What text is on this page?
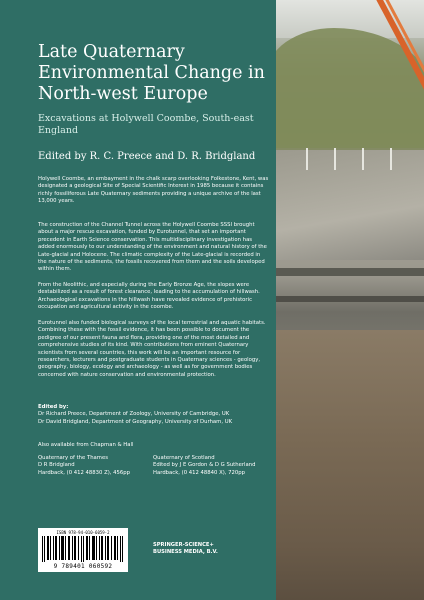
Late Quaternary Environmental Change in North-west Europe
Excavations at Holywell Coombe, South-east England
Edited by R. C. Preece and D. R. Bridgland
Holywell Coombe, an embayment in the chalk scarp overlooking Folkestone, Kent, was designated a geological Site of Special Scientific Interest in 1985 because it contains richly fossiliferous Late Quaternary sediments providing a unique archive of the last 13,000 years.
The construction of the Channel Tunnel across the Holywell Coombe SSSI brought about a major rescue excavation, funded by Eurotunnel, that set an important precedent in Earth Science conservation. This multidisciplinary investigation has added enormously to our understanding of the environment and natural history of the Late-glacial and Holocene. The climatic complexity of the Late-glacial is recorded in the nature of the sediments, the fossils recovered from them and the soils developed within them.
From the Neolithic, and especially during the Early Bronze Age, the slopes were destabilized as a result of forest clearance, leading to the accumulation of hillwash. Archaeological excavations in the hillwash have revealed evidence of prehistoric occupation and agricultural activity in the coombe.
Eurotunnel also funded biological surveys of the local terrestrial and aquatic habitats. Combining these with the fossil evidence, it has been possible to document the pedigree of our present fauna and flora, providing one of the most detailed and comprehensive studies of its kind. With contributions from eminent Quaternary scientists from several countries, this work will be an important resource for researchers, lecturers and postgraduate students in Quaternary sciences - geology, geography, biology, ecology and archaeology - as well as for government bodies concerned with nature conservation and environmental protection.
Edited by:
Dr Richard Preece, Department of Zoology, University of Cambridge, UK
Dr David Bridgland, Department of Geography, University of Durham, UK
Also available from Chapman & Hall
Quaternary of the Thames
D R Bridgland
Hardback, (0 412 48830 Z), 456pp
Quaternary of Scotland
Edited by J E Gordon & D G Sutherland
Hardback, (0 412 48840 X), 720pp
ISBN 978-94-010-6059-2
9 789401 060592
SPRINGER-SCIENCE+
BUSINESS MEDIA, B.V.
